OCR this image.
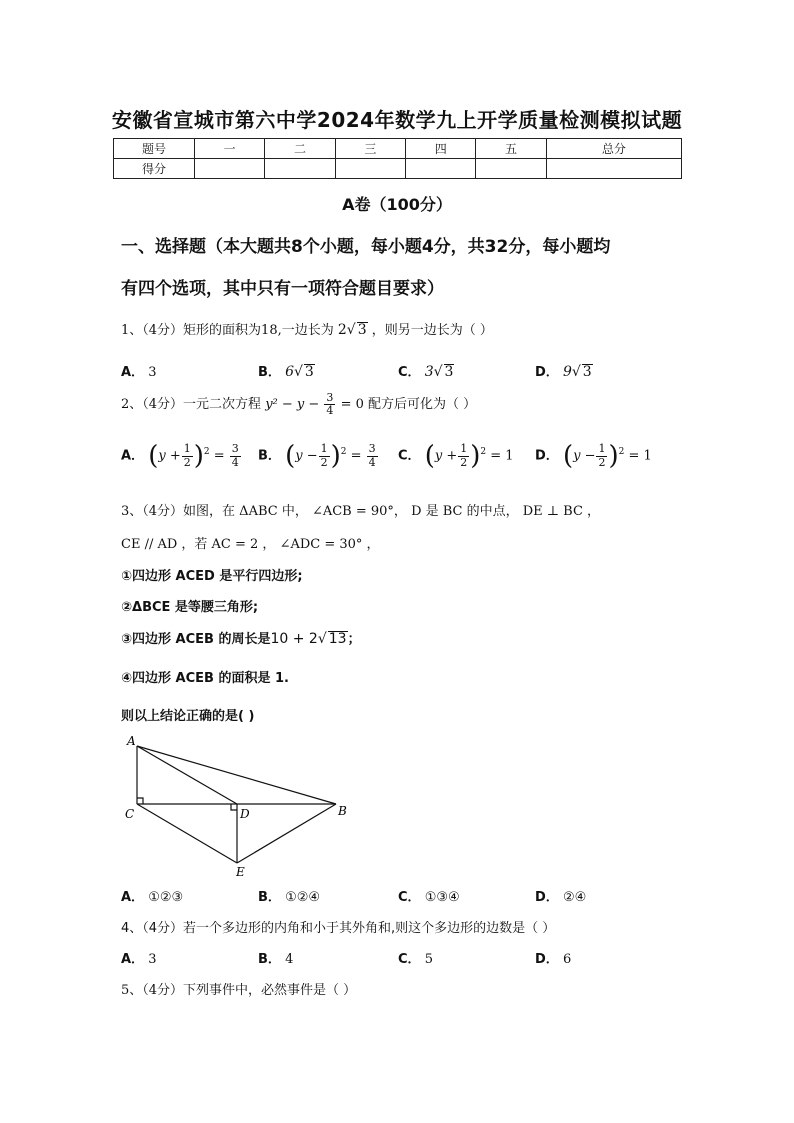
安徽省宣城市第六中学2024年数学九上开学质量检测模拟试题
题号	一	二	三	四	五	总分
得分						
A卷（100分）
一、选择题（本大题共8个小题，每小题4分，共32分，每小题均
有四个选项，其中只有一项符合题目要求）
1、（4分）矩形的面积为18,一边长为 2√ 3 ，则另一边长为（ ）
A． 3	B． 6√ 3	C． 3√ 3	D． 9√ 3
2、（4分）一元二次方程 $y^2 - y - \frac{3}{4} = 0$ 配方后可化为（ ）
A． $(y + \frac{1}{2} )^2 = \frac{3}{4}$ B． $(y - \frac{1}{2} )^2 = \frac{3}{4}$ C． $(y + \frac{1}{2} )^2 = 1$ D． $(y - \frac{1}{2} )^2 = 1$
3、（4分）如图，在 ΔABC 中， ∠ACB = 90°， D 是 BC 的中点， DE ⊥ BC ，
CE // AD ，若 AC = 2 ， ∠ADC = 30° ，
①四边形 ACED 是平行四边形;
②ΔBCE 是等腰三角形;
③四边形 ACEB 的周长是10 + 2√ 13；
④四边形 ACEB 的面积是 1.
则以上结论正确的是( )
A
C	D	B
E
A． ①②③	B． ①②④	C． ①③④	D． ②④
4、（4分）若一个多边形的内角和小于其外角和,则这个多边形的边数是（ ）
A． 3	B． 4	C． 5	D． 6
5、（4分）下列事件中，必然事件是（ ）
